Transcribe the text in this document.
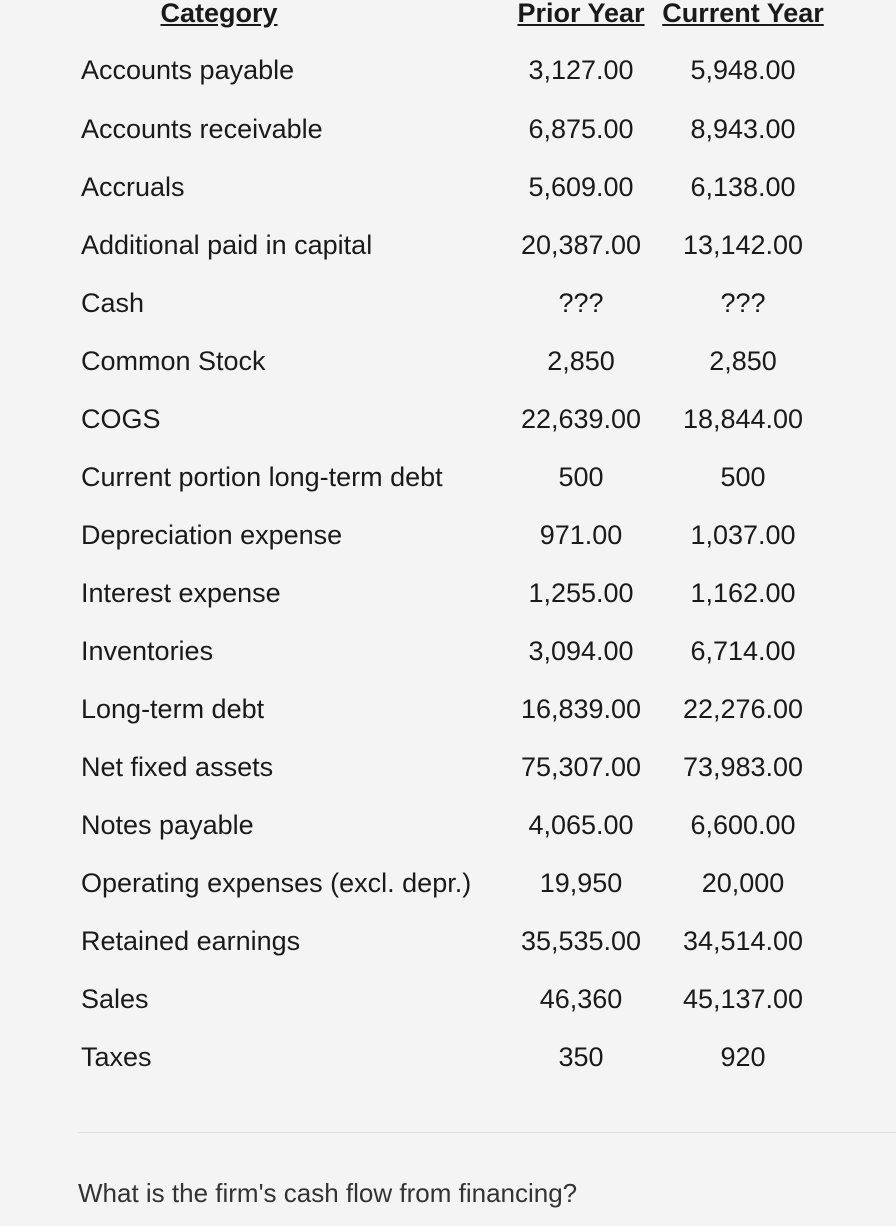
Category	Prior Year	Current Year
Accounts payable	3,127.00	5,948.00
Accounts receivable	6,875.00	8,943.00
Accruals	5,609.00	6,138.00
Additional paid in capital	20,387.00	13,142.00
Cash	???	???
Common Stock	2,850	2,850
COGS	22,639.00	18,844.00
Current portion long-term debt	500	500
Depreciation expense	971.00	1,037.00
Interest expense	1,255.00	1,162.00
Inventories	3,094.00	6,714.00
Long-term debt	16,839.00	22,276.00
Net fixed assets	75,307.00	73,983.00
Notes payable	4,065.00	6,600.00
Operating expenses (excl. depr.)	19,950	20,000
Retained earnings	35,535.00	34,514.00
Sales	46,360	45,137.00
Taxes	350	920
What is the firm's cash flow from financing?
